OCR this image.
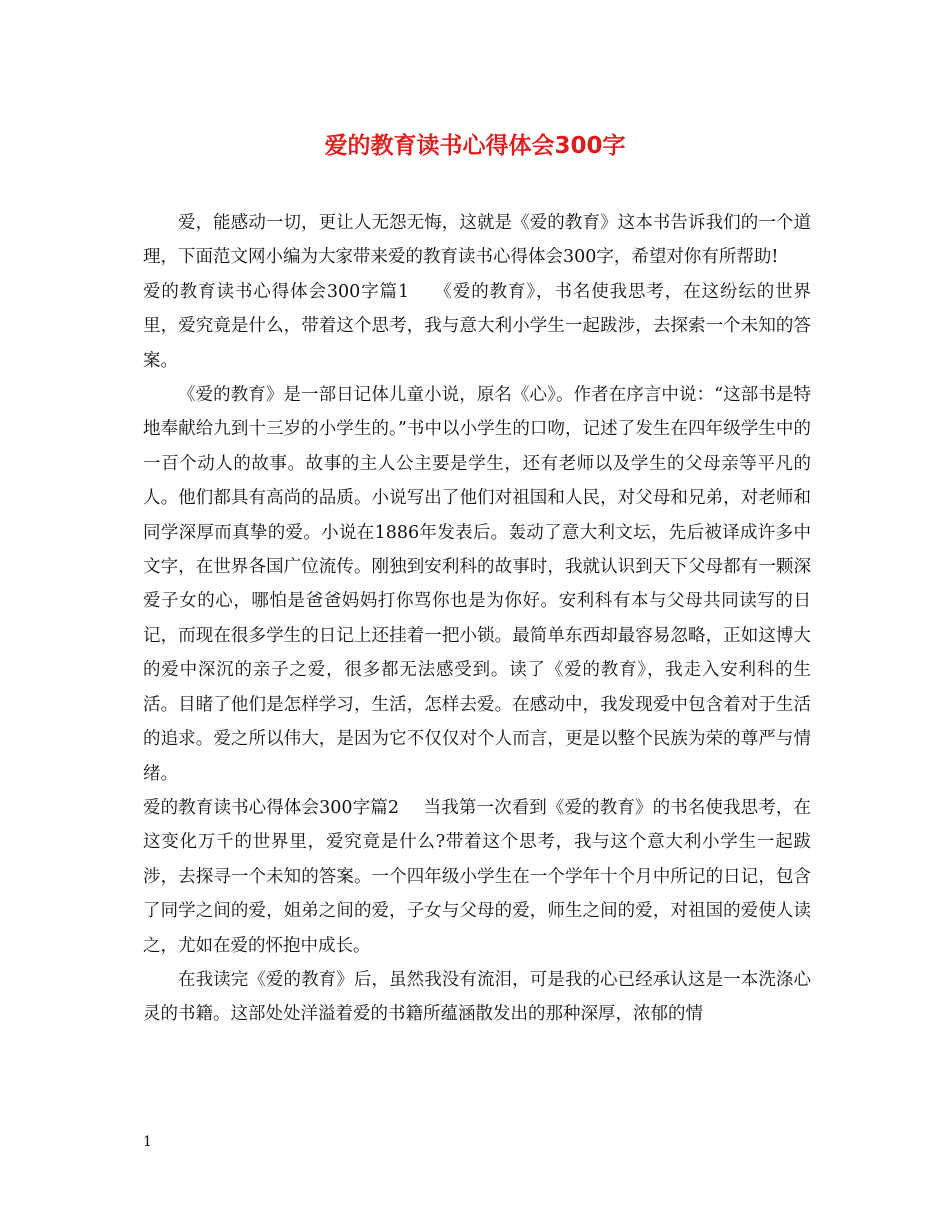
爱的教育读书心得体会300字

爱，能感动一切，更让人无怨无悔，这就是《爱的教育》这本书告诉我们的一个道理，下面范文网小编为大家带来爱的教育读书心得体会300字，希望对你有所帮助!

爱的教育读书心得体会300字篇1 《爱的教育》，书名使我思考，在这纷纭的世界里，爱究竟是什么，带着这个思考，我与意大利小学生一起跋涉，去探索一个未知的答案。

《爱的教育》是一部日记体儿童小说，原名《心》。作者在序言中说：“这部书是特地奉献给九到十三岁的小学生的。”书中以小学生的口吻，记述了发生在四年级学生中的一百个动人的故事。故事的主人公主要是学生，还有老师以及学生的父母亲等平凡的人。他们都具有高尚的品质。小说写出了他们对祖国和人民，对父母和兄弟，对老师和同学深厚而真挚的爱。小说在1886年发表后。轰动了意大利文坛，先后被译成许多中文字，在世界各国广位流传。刚独到安利科的故事时，我就认识到天下父母都有一颗深爱子女的心，哪怕是爸爸妈妈打你骂你也是为你好。安利科有本与父母共同读写的日记，而现在很多学生的日记上还挂着一把小锁。最简单东西却最容易忽略，正如这博大的爱中深沉的亲子之爱，很多都无法感受到。读了《爱的教育》，我走入安利科的生活。目睹了他们是怎样学习，生活，怎样去爱。在感动中，我发现爱中包含着对于生活的追求。爱之所以伟大，是因为它不仅仅对个人而言，更是以整个民族为荣的尊严与情绪。

爱的教育读书心得体会300字篇2 当我第一次看到《爱的教育》的书名使我思考，在这变化万千的世界里，爱究竟是什么?带着这个思考，我与这个意大利小学生一起跋涉，去探寻一个未知的答案。一个四年级小学生在一个学年十个月中所记的日记，包含了同学之间的爱，姐弟之间的爱，子女与父母的爱，师生之间的爱，对祖国的爱使人读之，尤如在爱的怀抱中成长。

在我读完《爱的教育》后，虽然我没有流泪，可是我的心已经承认这是一本洗涤心灵的书籍。这部处处洋溢着爱的书籍所蕴涵散发出的那种深厚，浓郁的情

1
